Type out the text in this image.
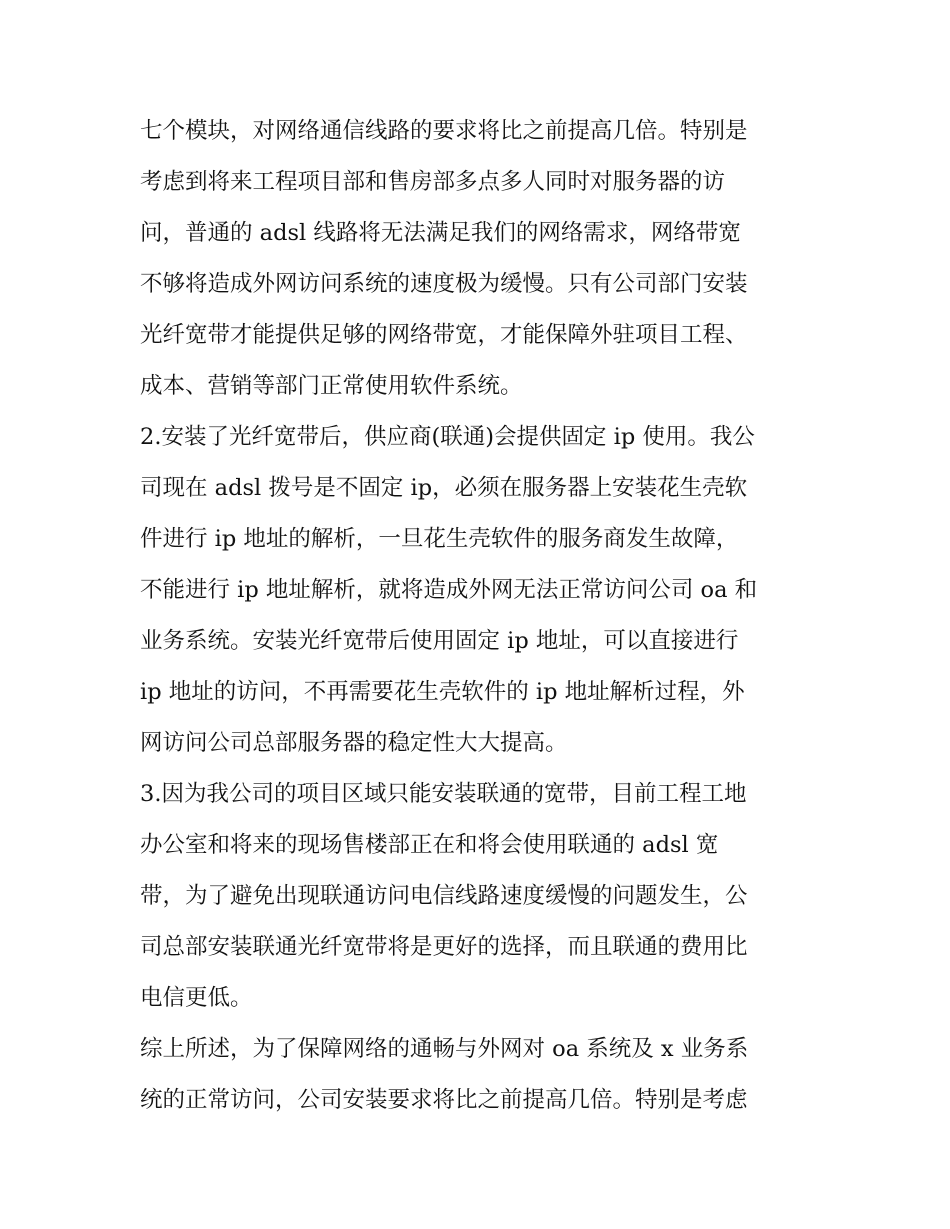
七个模块，对网络通信线路的要求将比之前提高几倍。特别是
考虑到将来工程项目部和售房部多点多人同时对服务器的访
问，普通的 adsl 线路将无法满足我们的网络需求，网络带宽
不够将造成外网访问系统的速度极为缓慢。只有公司部门安装
光纤宽带才能提供足够的网络带宽，才能保障外驻项目工程、
成本、营销等部门正常使用软件系统。
2.安装了光纤宽带后，供应商(联通)会提供固定 ip 使用。我公
司现在 adsl 拨号是不固定 ip，必须在服务器上安装花生壳软
件进行 ip 地址的解析，一旦花生壳软件的服务商发生故障，
不能进行 ip 地址解析，就将造成外网无法正常访问公司 oa 和
业务系统。安装光纤宽带后使用固定 ip 地址，可以直接进行
ip 地址的访问，不再需要花生壳软件的 ip 地址解析过程，外
网访问公司总部服务器的稳定性大大提高。
3.因为我公司的项目区域只能安装联通的宽带，目前工程工地
办公室和将来的现场售楼部正在和将会使用联通的 adsl 宽
带，为了避免出现联通访问电信线路速度缓慢的问题发生，公
司总部安装联通光纤宽带将是更好的选择，而且联通的费用比
电信更低。
综上所述，为了保障网络的通畅与外网对 oa 系统及 x 业务系
统的正常访问，公司安装要求将比之前提高几倍。特别是考虑
